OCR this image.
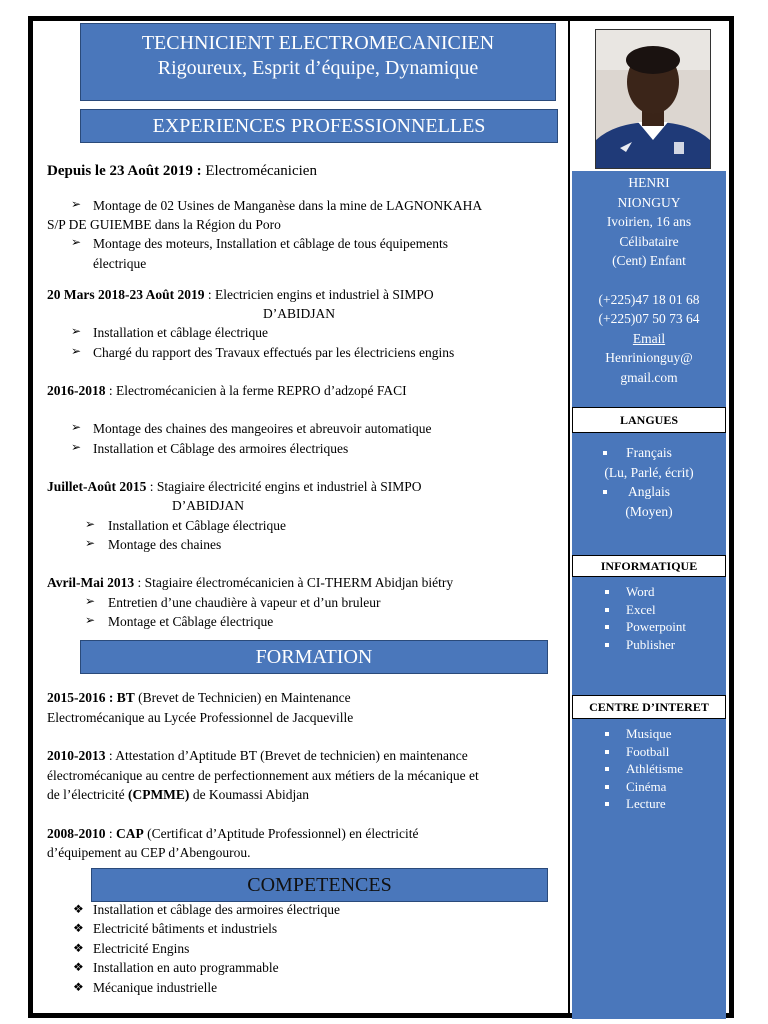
TECHNICIENT ELECTROMECANICIEN
Rigoureux, Esprit d’équipe, Dynamique
EXPERIENCES PROFESSIONNELLES
Depuis le 23 Août 2019 : Electromécanicien
➢ Montage de 02 Usines de Manganèse dans la mine de LAGNONKAHA
S/P DE GUIEMBE dans la Région du Poro
➢ Montage des moteurs, Installation et câblage de tous équipements
électrique
20 Mars 2018-23 Août 2019 : Electricien engins et industriel à SIMPO
D’ABIDJAN
➢ Installation et câblage électrique
➢ Chargé du rapport des Travaux effectués par les électriciens engins
2016-2018 : Electromécanicien à la ferme REPRO d’adzopé FACI
➢ Montage des chaines des mangeoires et abreuvoir automatique
➢ Installation et Câblage des armoires électriques
Juillet-Août 2015 : Stagiaire électricité engins et industriel à SIMPO
D’ABIDJAN
➢ Installation et Câblage électrique
➢ Montage des chaines
Avril-Mai 2013 : Stagiaire électromécanicien à CI-THERM Abidjan biétry
➢ Entretien d’une chaudière à vapeur et d’un bruleur
➢ Montage et Câblage électrique
FORMATION
2015-2016 : BT (Brevet de Technicien) en Maintenance
Electromécanique au Lycée Professionnel de Jacqueville
2010-2013 : Attestation d’Aptitude BT (Brevet de technicien) en maintenance
électromécanique au centre de perfectionnement aux métiers de la mécanique et
de l’électricité (CPMME) de Koumassi Abidjan
2008-2010 : CAP (Certificat d’Aptitude Professionnel) en électricité
d’équipement au CEP d’Abengourou.
COMPETENCES
❖ Installation et câblage des armoires électrique
❖ Electricité bâtiments et industriels
❖ Electricité Engins
❖ Installation en auto programmable
❖ Mécanique industrielle
HENRI
NIONGUY
Ivoirien, 16 ans
Célibataire
(Cent) Enfant
(+225)47 18 01 68
(+225)07 50 73 64
Email
Henrinionguy@
gmail.com
LANGUES
Français
(Lu, Parlé, écrit)
Anglais
(Moyen)
INFORMATIQUE
Word
Excel
Powerpoint
Publisher
CENTRE D’INTERET
Musique
Football
Athlétisme
Cinéma
Lecture
